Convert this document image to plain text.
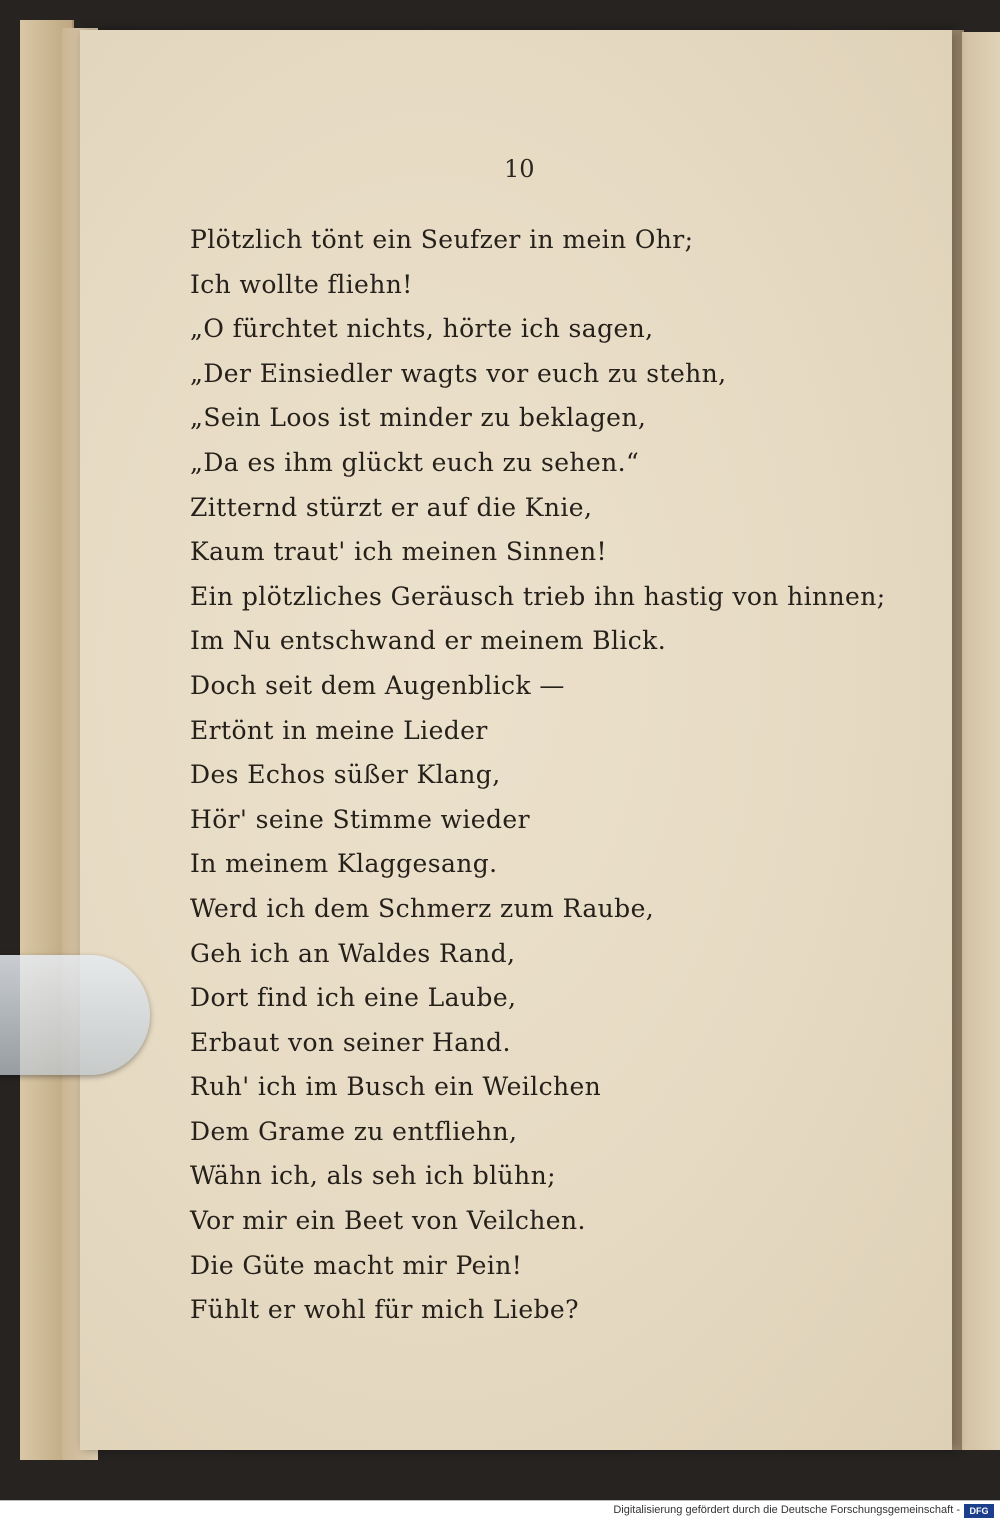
10
Plötzlich tönt ein Seufzer in mein Ohr;
Ich wollte fliehn!
„O fürchtet nichts, hörte ich sagen,
„Der Einsiedler wagts vor euch zu stehn,
„Sein Loos ist minder zu beklagen,
„Da es ihm glückt euch zu sehen.“
Zitternd stürzt er auf die Knie,
Kaum traut' ich meinen Sinnen!
Ein plötzliches Geräusch trieb ihn hastig von hinnen;
Im Nu entschwand er meinem Blick.
Doch seit dem Augenblick —
Ertönt in meine Lieder
Des Echos süßer Klang,
Hör' seine Stimme wieder
In meinem Klaggesang.
Werd ich dem Schmerz zum Raube,
Geh ich an Waldes Rand,
Dort find ich eine Laube,
Erbaut von seiner Hand.
Ruh' ich im Busch ein Weilchen
Dem Grame zu entfliehn,
Wähn ich, als seh ich blühn;
Vor mir ein Beet von Veilchen.
Die Güte macht mir Pein!
Fühlt er wohl für mich Liebe?
Digitalisierung gefördert durch die Deutsche Forschungsgemeinschaft -	DFG
